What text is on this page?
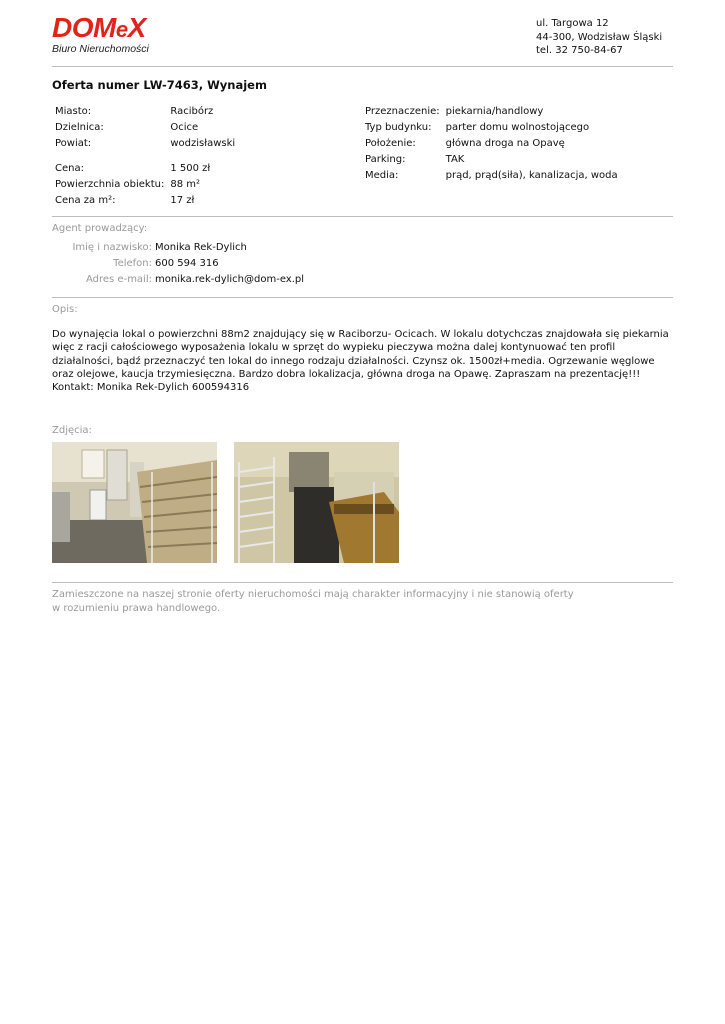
DOMeX
Biuro Nieruchomości
ul. Targowa 12
44-300, Wodzisław Śląski
tel. 32 750-84-67
Oferta numer LW-7463, Wynajem
Miasto:	Racibórz
Dzielnica:	Ocice
Powiat:	wodzisławski

Cena:	1 500 zł
Powierzchnia obiektu:	88 m²
Cena za m²:	17 zł
Przeznaczenie:	piekarnia/handlowy
Typ budynku:	parter domu wolnostojącego
Położenie:	główna droga na Opavę
Parking:	TAK
Media:	prąd, prąd(siła), kanalizacja, woda
Agent prowadzący:
Imię i nazwisko: Monika Rek-Dylich
Telefon: 600 594 316
Adres e-mail: monika.rek-dylich@dom-ex.pl
Opis:
Do wynajęcia lokal o powierzchni 88m2 znajdujący się w Raciborzu- Ocicach. W lokalu dotychczas znajdowała się piekarnia więc z racji całościowego wyposażenia lokalu w sprzęt do wypieku pieczywa można dalej kontynuować ten profil działalności, bądź przeznaczyć ten lokal do innego rodzaju działalności. Czynsz ok. 1500zł+media. Ogrzewanie węglowe oraz olejowe, kaucja trzymiesięczna. Bardzo dobra lokalizacja, główna droga na Opawę. Zapraszam na prezentację!!!
Kontakt: Monika Rek-Dylich 600594316
Zdjęcia:
Zamieszczone na naszej stronie oferty nieruchomości mają charakter informacyjny i nie stanowią oferty
w rozumieniu prawa handlowego.
